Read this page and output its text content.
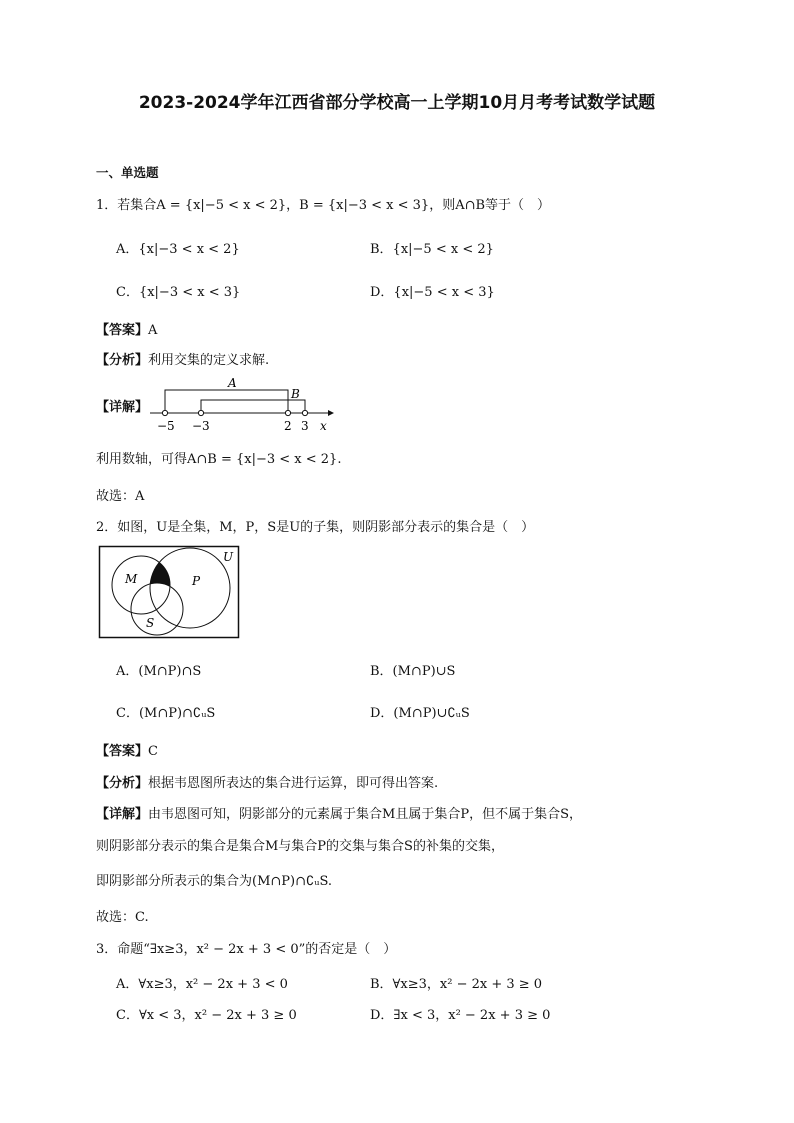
2023-2024学年江西省部分学校高一上学期10月月考考试数学试题
一、单选题
1．若集合A = {x|−5 < x < 2}，B = {x|−3 < x < 3}，则A∩B等于（　）
A．{x|−3 < x < 2}	B．{x|−5 < x < 2}
C．{x|−3 < x < 3}	D．{x|−5 < x < 3}
【答案】A
【分析】利用交集的定义求解.
【详解】
A
B
−5 −3	2 3 x
利用数轴，可得A∩B = {x|−3 < x < 2}.
故选：A
2．如图，U是全集，M，P，S是U的子集，则阴影部分表示的集合是（　）
U
M	P
S
A．(M∩P)∩S	B．(M∩P)∪S
C．(M∩P)∩∁ᵤS	D．(M∩P)∪∁ᵤS
【答案】C
【分析】根据韦恩图所表达的集合进行运算，即可得出答案.
【详解】由韦恩图可知，阴影部分的元素属于集合M且属于集合P，但不属于集合S，
则阴影部分表示的集合是集合M与集合P的交集与集合S的补集的交集，
即阴影部分所表示的集合为(M∩P)∩∁ᵤS.
故选：C.
3．命题“∃x≥3，x² − 2x + 3 < 0”的否定是（　）
A．∀x≥3，x² − 2x + 3 < 0	B．∀x≥3，x² − 2x + 3 ≥ 0
C．∀x < 3，x² − 2x + 3 ≥ 0	D．∃x < 3，x² − 2x + 3 ≥ 0
